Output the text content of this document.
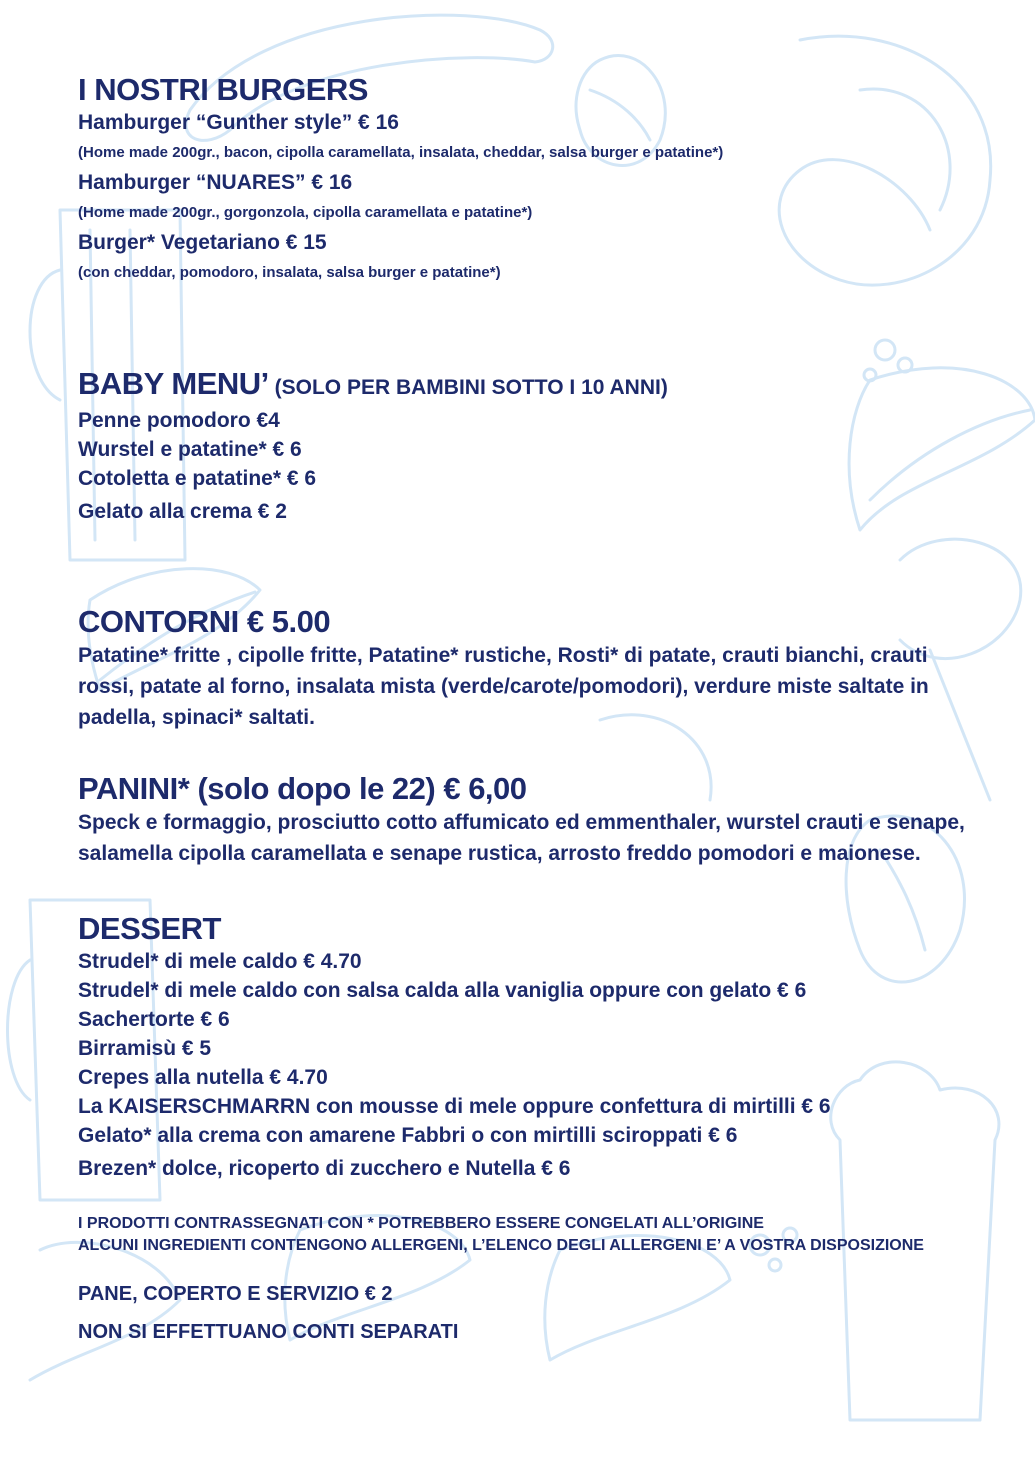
I NOSTRI BURGERS

Hamburger “Gunther style” € 16

(Home made 200gr., bacon, cipolla caramellata, insalata, cheddar, salsa burger e patatine*)

Hamburger “NUARES” € 16

(Home made 200gr., gorgonzola, cipolla caramellata e patatine*)

Burger* Vegetariano € 15

(con cheddar, pomodoro, insalata, salsa burger e patatine*)

BABY MENU’ (SOLO PER BAMBINI SOTTO I 10 ANNI)

Penne pomodoro €4

Wurstel e patatine* € 6

Cotoletta e patatine* € 6

Gelato alla crema € 2

CONTORNI € 5.00

Patatine* fritte , cipolle fritte, Patatine* rustiche, Rosti* di patate, crauti bianchi, crauti rossi, patate al forno, insalata mista (verde/carote/pomodori), verdure miste saltate in padella, spinaci* saltati.

PANINI* (solo dopo le 22) € 6,00

Speck e formaggio, prosciutto cotto affumicato ed emmenthaler, wurstel crauti e senape, salamella cipolla caramellata e senape rustica, arrosto freddo pomodori e maionese.

DESSERT

Strudel* di mele caldo € 4.70

Strudel* di mele caldo con salsa calda alla vaniglia oppure con gelato € 6

Sachertorte € 6

Birramisù € 5

Crepes alla nutella € 4.70

La KAISERSCHMARRN con mousse di mele oppure confettura di mirtilli € 6

Gelato* alla crema con amarene Fabbri o con mirtilli sciroppati € 6

Brezen* dolce, ricoperto di zucchero e Nutella € 6

I PRODOTTI CONTRASSEGNATI CON * POTREBBERO ESSERE CONGELATI ALL’ORIGINE

ALCUNI INGREDIENTI CONTENGONO ALLERGENI, L’ELENCO DEGLI ALLERGENI E’ A VOSTRA DISPOSIZIONE

PANE, COPERTO E SERVIZIO € 2

NON SI EFFETTUANO CONTI SEPARATI
